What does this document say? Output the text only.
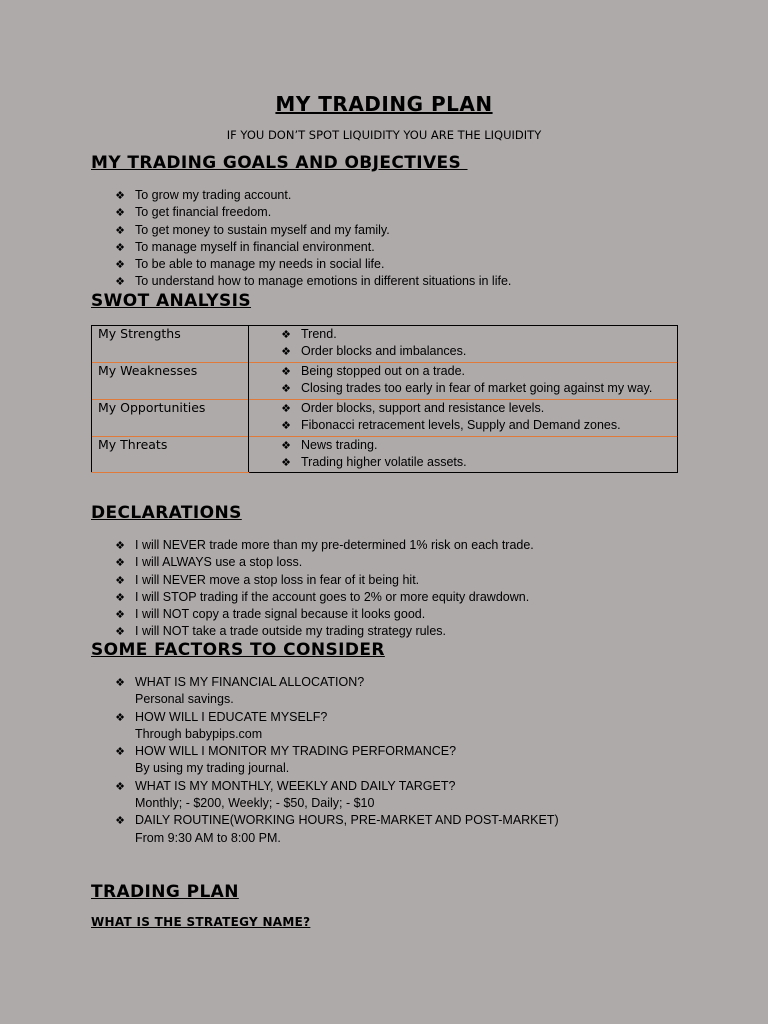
MY TRADING PLAN
IF YOU DON’T SPOT LIQUIDITY YOU ARE THE LIQUIDITY
MY TRADING GOALS AND OBJECTIVES
❖ To grow my trading account.
❖ To get financial freedom.
❖ To get money to sustain myself and my family.
❖ To manage myself in financial environment.
❖ To be able to manage my needs in social life.
❖ To understand how to manage emotions in different situations in life.
SWOT ANALYSIS
My Strengths	❖ Trend.
❖ Order blocks and imbalances.

My Weaknesses	❖ Being stopped out on a trade.
❖ Closing trades too early in fear of market going against my way.

My Opportunities	❖ Order blocks, support and resistance levels.
❖ Fibonacci retracement levels, Supply and Demand zones.

My Threats	❖ News trading.
❖ Trading higher volatile assets.
DECLARATIONS
❖ I will NEVER trade more than my pre-determined 1% risk on each trade.
❖ I will ALWAYS use a stop loss.
❖ I will NEVER move a stop loss in fear of it being hit.
❖ I will STOP trading if the account goes to 2% or more equity drawdown.
❖ I will NOT copy a trade signal because it looks good.
❖ I will NOT take a trade outside my trading strategy rules.
SOME FACTORS TO CONSIDER
❖ WHAT IS MY FINANCIAL ALLOCATION?
Personal savings.
❖ HOW WILL I EDUCATE MYSELF?
Through babypips.com
❖ HOW WILL I MONITOR MY TRADING PERFORMANCE?
By using my trading journal.
❖ WHAT IS MY MONTHLY, WEEKLY AND DAILY TARGET?
Monthly; - $200, Weekly; - $50, Daily; - $10
❖ DAILY ROUTINE(WORKING HOURS, PRE-MARKET AND POST-MARKET)
From 9:30 AM to 8:00 PM.
TRADING PLAN
WHAT IS THE STRATEGY NAME?
